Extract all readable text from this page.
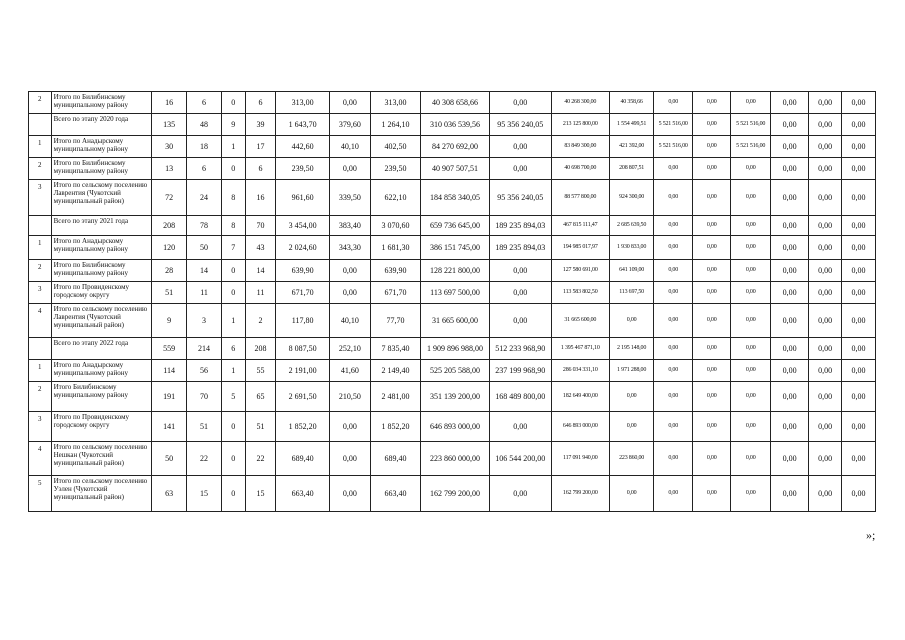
2	Итого по Билибинскому муниципальному району	16	6	0	6	313,00	0,00	313,00	40 308 658,66	0,00	40 268 300,00	40 358,66	0,00	0,00	0,00	0,00	0,00	0,00
	Всего по этапу 2020 года	135	48	9	39	1 643,70	379,60	1 264,10	310 036 539,56	95 356 240,05	213 125 800,00	1 554 499,51	5 521 516,00	0,00	5 521 516,00	0,00	0,00	0,00
1	Итого по Анадырскому муниципальному району	30	18	1	17	442,60	40,10	402,50	84 270 692,00	0,00	83 849 300,00	421 392,00	5 521 516,00	0,00	5 521 516,00	0,00	0,00	0,00
2	Итого по Билибинскому муниципальному району	13	6	0	6	239,50	0,00	239,50	40 907 507,51	0,00	40 698 700,00	208 807,51	0,00	0,00	0,00	0,00	0,00	0,00
3	Итого по сельскому поселению Лаврентия (Чукотский муниципальный район)	72	24	8	16	961,60	339,50	622,10	184 858 340,05	95 356 240,05	88 577 800,00	924 300,00	0,00	0,00	0,00	0,00	0,00	0,00
	Всего по этапу 2021 года	208	78	8	70	3 454,00	383,40	3 070,60	659 736 645,00	189 235 894,03	467 815 111,47	2 685 639,50	0,00	0,00	0,00	0,00	0,00	0,00
1	Итого по Анадырскому муниципальному району	120	50	7	43	2 024,60	343,30	1 681,30	386 151 745,00	189 235 894,03	194 985 017,97	1 930 833,00	0,00	0,00	0,00	0,00	0,00	0,00
2	Итого по Билибинскому муниципальному району	28	14	0	14	639,90	0,00	639,90	128 221 800,00	0,00	127 580 691,00	641 109,00	0,00	0,00	0,00	0,00	0,00	0,00
3	Итого по Провиденскому городскому округу	51	11	0	11	671,70	0,00	671,70	113 697 500,00	0,00	113 583 802,50	113 697,50	0,00	0,00	0,00	0,00	0,00	0,00
4	Итого по сельскому поселению Лаврентия (Чукотский муниципальный район)	9	3	1	2	117,80	40,10	77,70	31 665 600,00	0,00	31 665 600,00	0,00	0,00	0,00	0,00	0,00	0,00	0,00
	Всего по этапу 2022 года	559	214	6	208	8 087,50	252,10	7 835,40	1 909 896 988,00	512 233 968,90	1 395 467 871,10	2 195 148,00	0,00	0,00	0,00	0,00	0,00	0,00
1	Итого по Анадырскому муниципальному району	114	56	1	55	2 191,00	41,60	2 149,40	525 205 588,00	237 199 968,90	286 034 331,10	1 971 288,00	0,00	0,00	0,00	0,00	0,00	0,00
2	Итого Билибинскому муниципальному району	191	70	5	65	2 691,50	210,50	2 481,00	351 139 200,00	168 489 800,00	182 649 400,00	0,00	0,00	0,00	0,00	0,00	0,00	0,00
3	Итого по Провиденскому городскому округу	141	51	0	51	1 852,20	0,00	1 852,20	646 893 000,00	0,00	646 893 000,00	0,00	0,00	0,00	0,00	0,00	0,00	0,00
4	Итого по сельскому поселению Нешкан (Чукотский муниципальный район)	50	22	0	22	689,40	0,00	689,40	223 860 000,00	106 544 200,00	117 091 940,00	223 860,00	0,00	0,00	0,00	0,00	0,00	0,00
5	Итого по сельскому поселению Уэлен (Чукотский муниципальный район)	63	15	0	15	663,40	0,00	663,40	162 799 200,00	0,00	162 799 200,00	0,00	0,00	0,00	0,00	0,00	0,00	0,00
»;
